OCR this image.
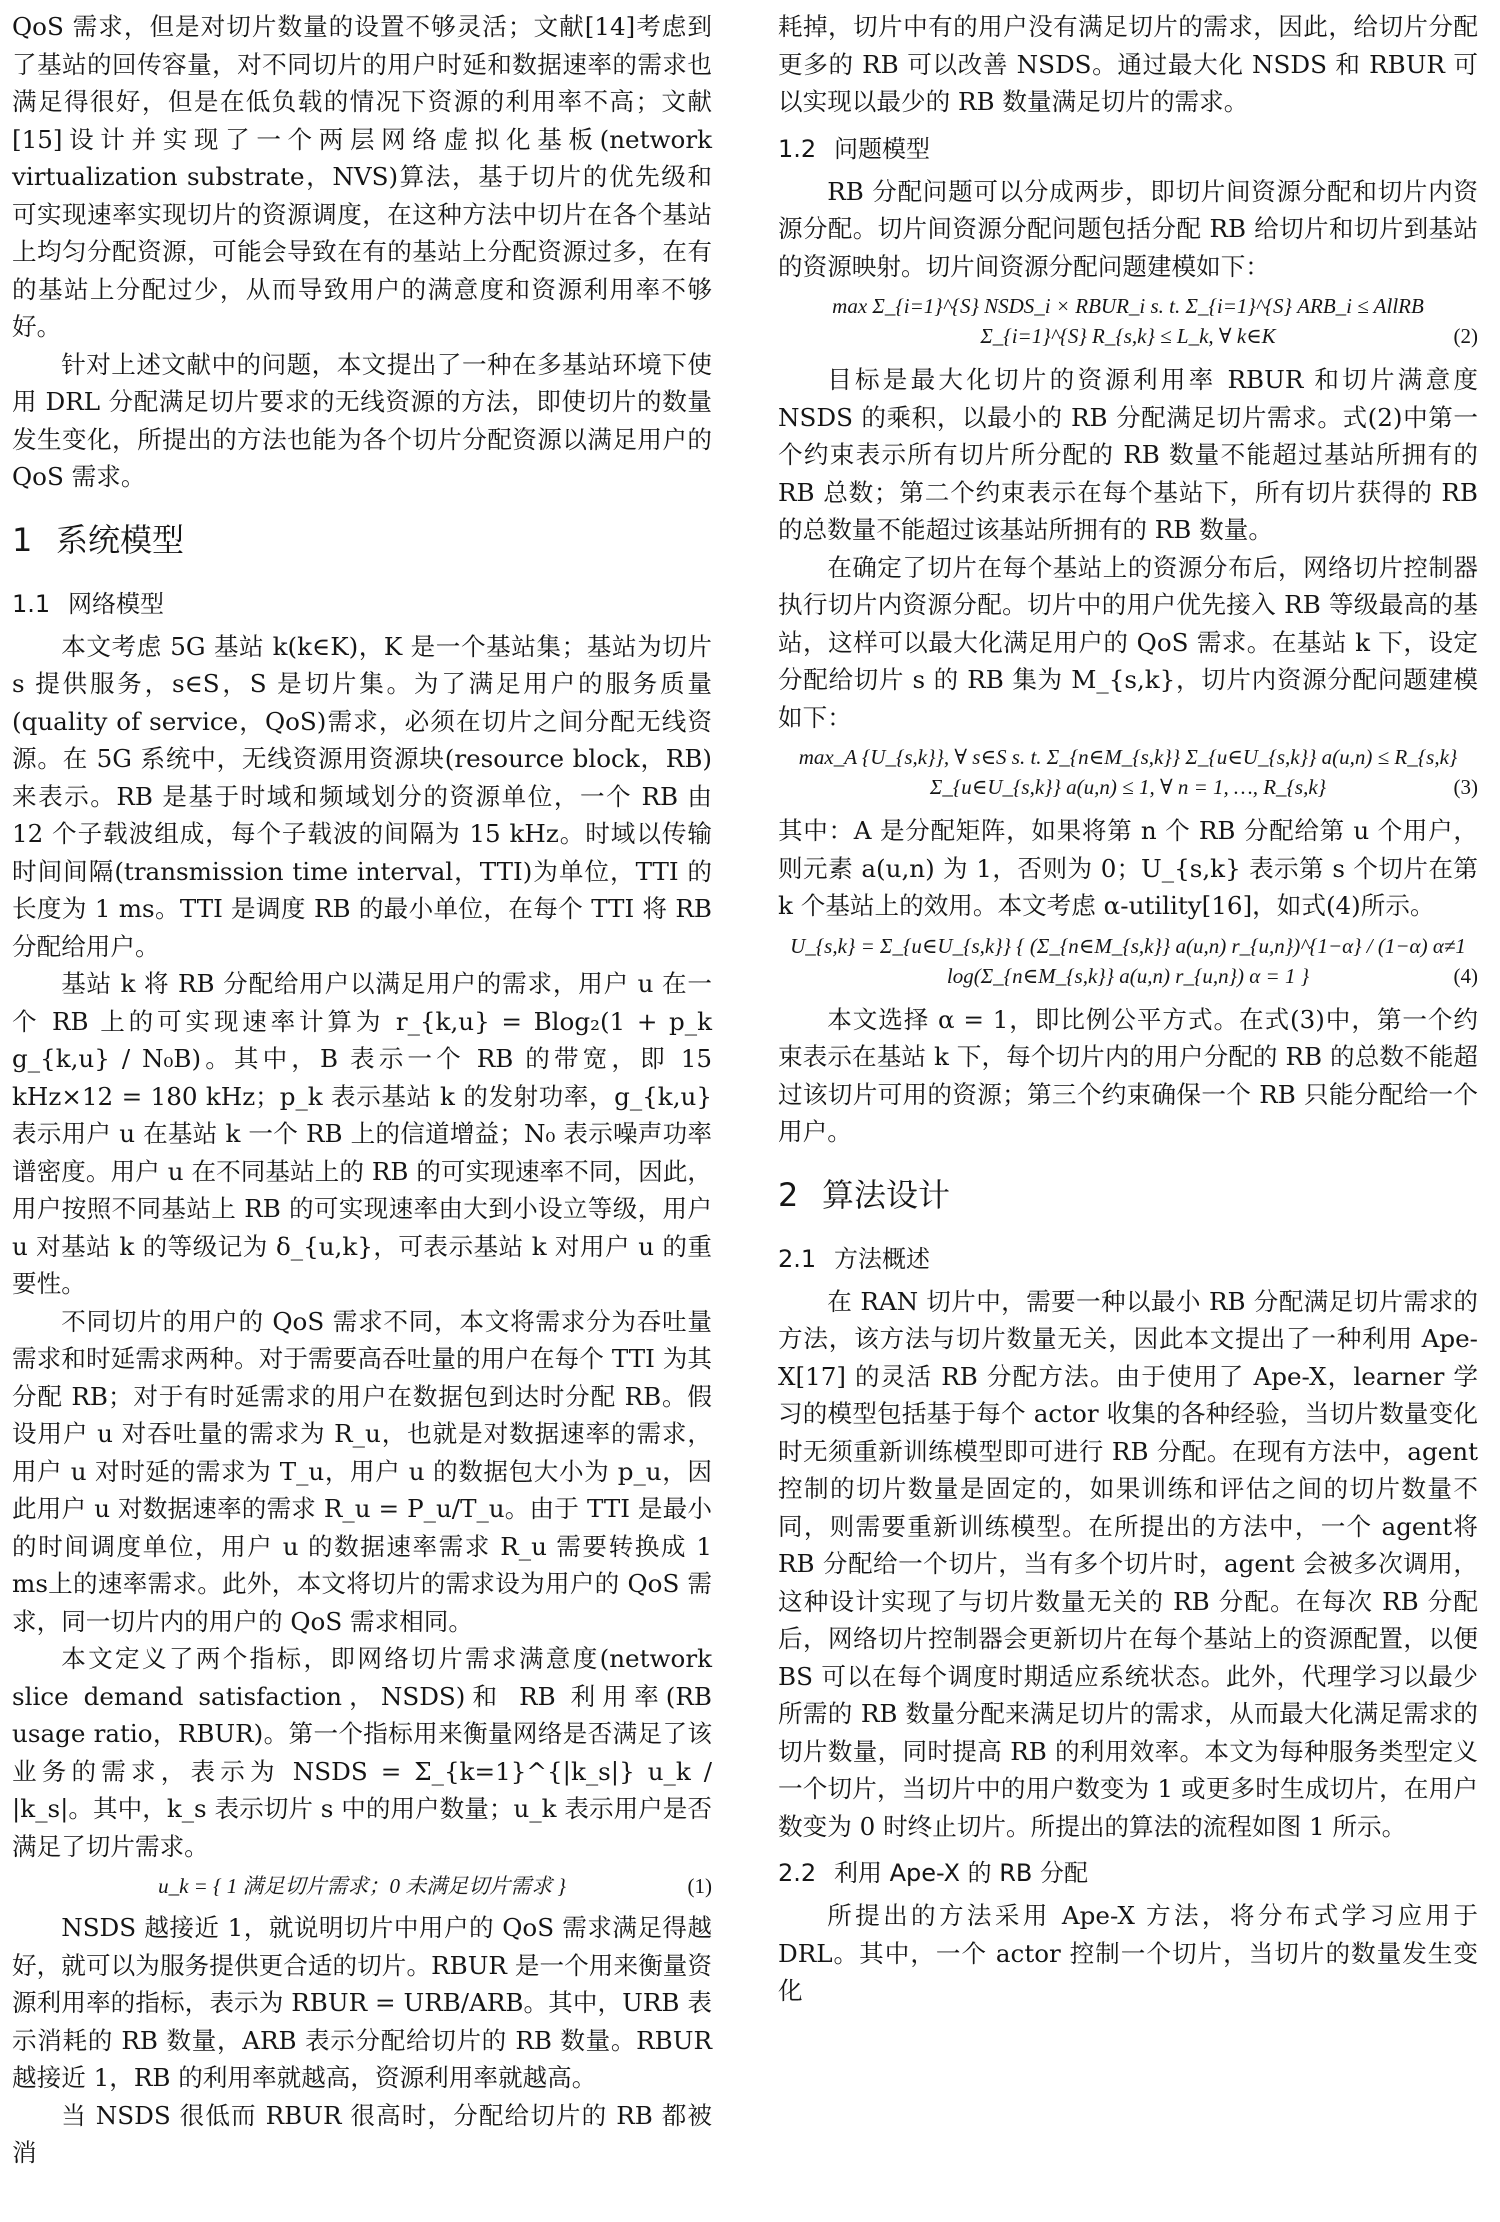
QoS 需求，但是对切片数量的设置不够灵活；文献[14]考虑到了基站的回传容量，对不同切片的用户时延和数据速率的需求也满足得很好，但是在低负载的情况下资源的利用率不高；文献[15]设计并实现了一个两层网络虚拟化基板(network virtualization substrate，NVS)算法，基于切片的优先级和可实现速率实现切片的资源调度，在这种方法中切片在各个基站上均匀分配资源，可能会导致在有的基站上分配资源过多，在有的基站上分配过少，从而导致用户的满意度和资源利用率不够好。

针对上述文献中的问题，本文提出了一种在多基站环境下使用 DRL 分配满足切片要求的无线资源的方法，即使切片的数量发生变化，所提出的方法也能为各个切片分配资源以满足用户的 QoS 需求。

1 系统模型
1.1 网络模型

本文考虑 5G 基站 k(k∈K)，K 是一个基站集；基站为切片 s 提供服务，s∈S，S 是切片集。为了满足用户的服务质量(quality of service，QoS)需求，必须在切片之间分配无线资源。在 5G 系统中，无线资源用资源块(resource block，RB)来表示。RB 是基于时域和频域划分的资源单位，一个 RB 由 12 个子载波组成，每个子载波的间隔为 15 kHz。时域以传输时间间隔(transmission time interval，TTI)为单位，TTI 的长度为 1 ms。TTI 是调度 RB 的最小单位，在每个 TTI 将 RB 分配给用户。

基站 k 将 RB 分配给用户以满足用户的需求，用户 u 在一个 RB 上的可实现速率计算为 r_{k,u} = Blog₂(1 + p_k g_{k,u} / N₀B)。其中，B 表示一个 RB 的带宽，即 15 kHz×12 = 180 kHz；p_k 表示基站 k 的发射功率，g_{k,u} 表示用户 u 在基站 k 一个 RB 上的信道增益；N₀ 表示噪声功率谱密度。用户 u 在不同基站上的 RB 的可实现速率不同，因此，用户按照不同基站上 RB 的可实现速率由大到小设立等级，用户 u 对基站 k 的等级记为 δ_{u,k}，可表示基站 k 对用户 u 的重要性。

不同切片的用户的 QoS 需求不同，本文将需求分为吞吐量需求和时延需求两种。对于需要高吞吐量的用户在每个 TTI 为其分配 RB；对于有时延需求的用户在数据包到达时分配 RB。假设用户 u 对吞吐量的需求为 R_u，也就是对数据速率的需求，用户 u 对时延的需求为 T_u，用户 u 的数据包大小为 p_u，因此用户 u 对数据速率的需求 R_u = P_u/T_u。由于 TTI 是最小的时间调度单位，用户 u 的数据速率需求 R_u 需要转换成 1 ms上的速率需求。此外，本文将切片的需求设为用户的 QoS 需求，同一切片内的用户的 QoS 需求相同。

本文定义了两个指标，即网络切片需求满意度(network slice demand satisfaction，NSDS)和 RB 利用率(RB usage ratio，RBUR)。第一个指标用来衡量网络是否满足了该业务的需求，表示为 NSDS = Σ_{k=1}^{|k_s|} u_k / |k_s|。其中，k_s 表示切片 s 中的用户数量；u_k 表示用户是否满足了切片需求。

u_k = { 1 满足切片需求；0 未满足切片需求 }	(1)

NSDS 越接近 1，就说明切片中用户的 QoS 需求满足得越好，就可以为服务提供更合适的切片。RBUR 是一个用来衡量资源利用率的指标，表示为 RBUR = URB/ARB。其中，URB 表示消耗的 RB 数量，ARB 表示分配给切片的 RB 数量。RBUR 越接近 1，RB 的利用率就越高，资源利用率就越高。

当 NSDS 很低而 RBUR 很高时，分配给切片的 RB 都被消

耗掉，切片中有的用户没有满足切片的需求，因此，给切片分配更多的 RB 可以改善 NSDS。通过最大化 NSDS 和 RBUR 可以实现以最少的 RB 数量满足切片的需求。

1.2 问题模型

RB 分配问题可以分成两步，即切片间资源分配和切片内资源分配。切片间资源分配问题包括分配 RB 给切片和切片到基站的资源映射。切片间资源分配问题建模如下：

max Σ_{i=1}^{S} NSDS_i × RBUR_i s. t. Σ_{i=1}^{S} ARB_i ≤ AllRB
Σ_{i=1}^{S} R_{s,k} ≤ L_k, ∀ k∈K	(2)

目标是最大化切片的资源利用率 RBUR 和切片满意度 NSDS 的乘积，以最小的 RB 分配满足切片需求。式(2)中第一个约束表示所有切片所分配的 RB 数量不能超过基站所拥有的 RB 总数；第二个约束表示在每个基站下，所有切片获得的 RB 的总数量不能超过该基站所拥有的 RB 数量。

在确定了切片在每个基站上的资源分布后，网络切片控制器执行切片内资源分配。切片中的用户优先接入 RB 等级最高的基站，这样可以最大化满足用户的 QoS 需求。在基站 k 下，设定分配给切片 s 的 RB 集为 M_{s,k}，切片内资源分配问题建模如下：

max_A {U_{s,k}}, ∀ s∈S s. t. Σ_{n∈M_{s,k}} Σ_{u∈U_{s,k}} a(u,n) ≤ R_{s,k}
Σ_{u∈U_{s,k}} a(u,n) ≤ 1, ∀ n = 1, …, R_{s,k}	(3)

其中：A 是分配矩阵，如果将第 n 个 RB 分配给第 u 个用户，则元素 a(u,n) 为 1，否则为 0；U_{s,k} 表示第 s 个切片在第 k 个基站上的效用。本文考虑 α-utility[16]，如式(4)所示。

U_{s,k} = Σ_{u∈U_{s,k}} { (Σ_{n∈M_{s,k}} a(u,n) r_{u,n})^{1−α} / (1−α) α≠1
log(Σ_{n∈M_{s,k}} a(u,n) r_{u,n}) α = 1 }	(4)

本文选择 α = 1，即比例公平方式。在式(3)中，第一个约束表示在基站 k 下，每个切片内的用户分配的 RB 的总数不能超过该切片可用的资源；第三个约束确保一个 RB 只能分配给一个用户。

2 算法设计
2.1 方法概述

在 RAN 切片中，需要一种以最小 RB 分配满足切片需求的方法，该方法与切片数量无关，因此本文提出了一种利用 Ape-X[17] 的灵活 RB 分配方法。由于使用了 Ape-X，learner 学习的模型包括基于每个 actor 收集的各种经验，当切片数量变化时无须重新训练模型即可进行 RB 分配。在现有方法中，agent控制的切片数量是固定的，如果训练和评估之间的切片数量不同，则需要重新训练模型。在所提出的方法中，一个 agent将 RB 分配给一个切片，当有多个切片时，agent 会被多次调用，这种设计实现了与切片数量无关的 RB 分配。在每次 RB 分配后，网络切片控制器会更新切片在每个基站上的资源配置，以便 BS 可以在每个调度时期适应系统状态。此外，代理学习以最少所需的 RB 数量分配来满足切片的需求，从而最大化满足需求的切片数量，同时提高 RB 的利用效率。本文为每种服务类型定义一个切片，当切片中的用户数变为 1 或更多时生成切片，在用户数变为 0 时终止切片。所提出的算法的流程如图 1 所示。

2.2 利用 Ape-X 的 RB 分配

所提出的方法采用 Ape-X 方法，将分布式学习应用于 DRL。其中，一个 actor 控制一个切片，当切片的数量发生变化
